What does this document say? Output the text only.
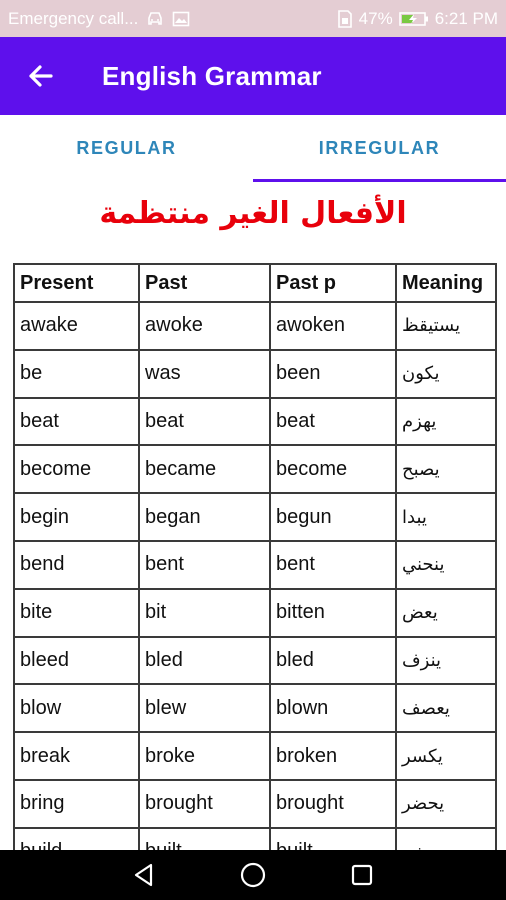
Emergency call...	47% 6:21 PM
English Grammar
REGULAR	IRREGULAR
الأفعال الغير منتظمة
Present	Past	Past p	Meaning
awake	awoke	awoken	يستيقظ
be	was	been	يكون
beat	beat	beat	يهزم
become	became	become	يصبح
begin	began	begun	يبدا
bend	bent	bent	ينحني
bite	bit	bitten	يعض
bleed	bled	bled	ينزف
blow	blew	blown	يعصف
break	broke	broken	يكسر
bring	brought	brought	يحضر
